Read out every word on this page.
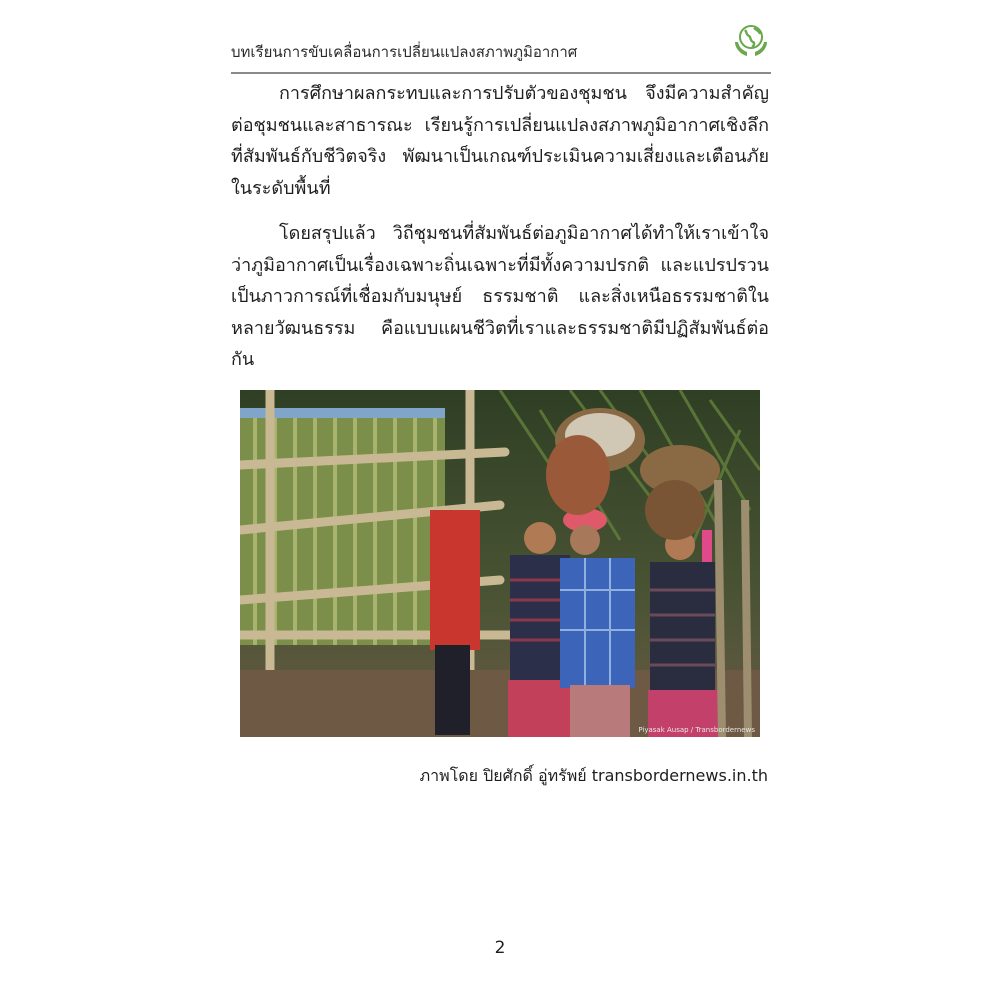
บทเรียนการขับเคลื่อนการเปลี่ยนแปลงสภาพภูมิอากาศ

การศึกษาผลกระทบและการปรับตัวของชุมชน จึงมีความสำคัญต่อชุมชนและสาธารณะ เรียนรู้การเปลี่ยนแปลงสภาพภูมิอากาศเชิงลึกที่สัมพันธ์กับชีวิตจริง พัฒนาเป็นเกณฑ์ประเมินความเสี่ยงและเตือนภัยในระดับพื้นที่

โดยสรุปแล้ว วิถีชุมชนที่สัมพันธ์ต่อภูมิอากาศได้ทำให้เราเข้าใจว่าภูมิอากาศเป็นเรื่องเฉพาะถิ่นเฉพาะที่มีทั้งความปรกติ และแปรปรวนเป็นภาวการณ์ที่เชื่อมกับมนุษย์ ธรรมชาติ และสิ่งเหนือธรรมชาติในหลายวัฒนธรรม คือแบบแผนชีวิตที่เราและธรรมชาติมีปฏิสัมพันธ์ต่อกัน

Piyasak Ausap / Transbordernews
ภาพโดย ปิยศักดิ์ อู่ทรัพย์ transbordernews.in.th
2
